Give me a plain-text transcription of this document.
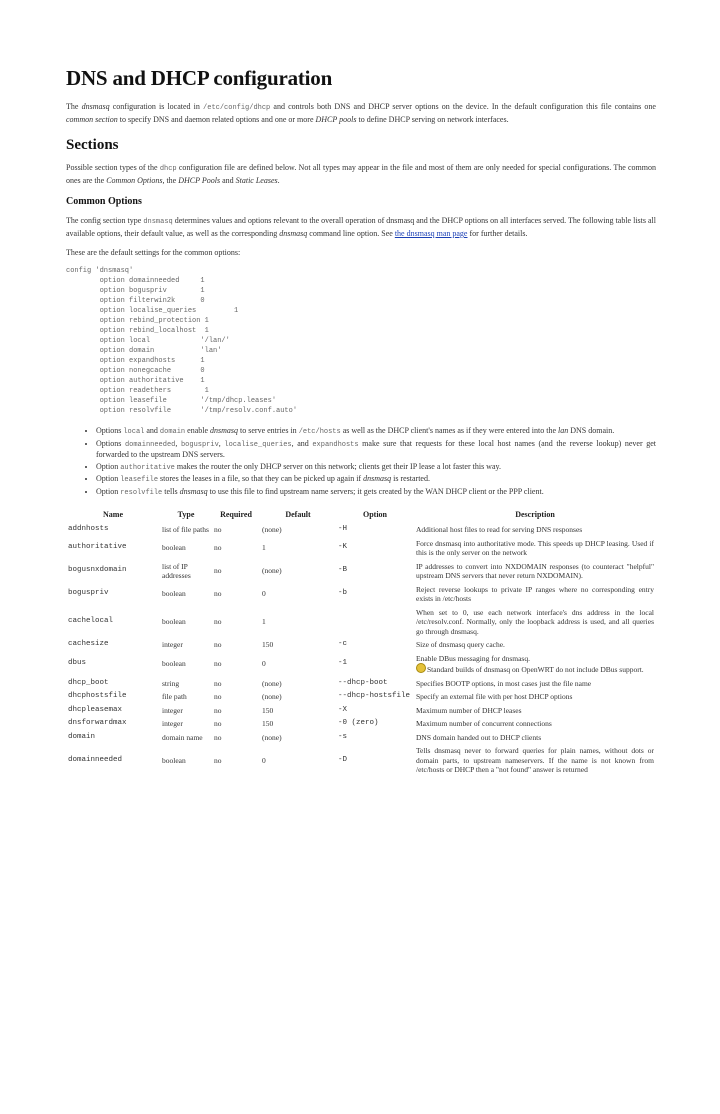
DNS and DHCP configuration

The dnsmasq configuration is located in /etc/config/dhcp and controls both DNS and DHCP server options on the device. In the default configuration this file contains one common section to specify DNS and daemon related options and one or more DHCP pools to define DHCP serving on network interfaces.

Sections

Possible section types of the dhcp configuration file are defined below. Not all types may appear in the file and most of them are only needed for special configurations. The common ones are the Common Options, the DHCP Pools and Static Leases.

Common Options

The config section type dnsmasq determines values and options relevant to the overall operation of dnsmasq and the DHCP options on all interfaces served. The following table lists all available options, their default value, as well as the corresponding dnsmasq command line option. See the dnsmasq man page for further details.

These are the default settings for the common options:

config 'dnsmasq'
option domainneeded     1
option boguspriv        1
option filterwin2k      0
option localise_queries         1
option rebind_protection 1
option rebind_localhost  1
option local            '/lan/'
option domain           'lan'
option expandhosts      1
option nonegcache       0
option authoritative    1
option readethers        1
option leasefile        '/tmp/dhcp.leases'
option resolvfile       '/tmp/resolv.conf.auto'
• Options local and domain enable dnsmasq to serve entries in /etc/hosts as well as the DHCP client's names as if they were entered into the lan DNS domain.
• Options domainneeded, boguspriv, localise_queries, and expandhosts make sure that requests for these local host names (and the reverse lookup) never get forwarded to the upstream DNS servers.
• Option authoritative makes the router the only DHCP server on this network; clients get their IP lease a lot faster this way.
• Option leasefile stores the leases in a file, so that they can be picked up again if dnsmasq is restarted.
• Option resolvfile tells dnsmasq to use this file to find upstream name servers; it gets created by the WAN DHCP client or the PPP client.
Name	Type	Required	Default	Option	Description
addnhosts	list of file paths	no	(none)	-H	Additional host files to read for serving DNS responses
authoritative	boolean	no	1	-K	Force dnsmasq into authoritative mode. This speeds up DHCP leasing. Used if this is the only server on the network
bogusnxdomain	list of IP addresses	no	(none)	-B	IP addresses to convert into NXDOMAIN responses (to counteract "helpful" upstream DNS servers that never return NXDOMAIN).
boguspriv	boolean	no	0	-b	Reject reverse lookups to private IP ranges where no corresponding entry exists in /etc/hosts
cachelocal	boolean	no	1		When set to 0, use each network interface's dns address in the local /etc/resolv.conf. Normally, only the loopback address is used, and all queries go through dnsmasq.
cachesize	integer	no	150	-c	Size of dnsmasq query cache.
dbus	boolean	no	0	-1	Enable DBus messaging for dnsmasq.
Standard builds of dnsmasq on OpenWRT do not include DBus support.
dhcp_boot	string	no	(none)	--dhcp-boot	Specifies BOOTP options, in most cases just the file name
dhcphostsfile	file path	no	(none)	--dhcp-hostsfile	Specify an external file with per host DHCP options
dhcpleasemax	integer	no	150	-X	Maximum number of DHCP leases
dnsforwardmax	integer	no	150	-0 (zero)	Maximum number of concurrent connections
domain	domain name	no	(none)	-s	DNS domain handed out to DHCP clients
domainneeded	boolean	no	0	-D	Tells dnsmasq never to forward queries for plain names, without dots or domain parts, to upstream nameservers. If the name is not known from /etc/hosts or DHCP then a "not found" answer is returned
